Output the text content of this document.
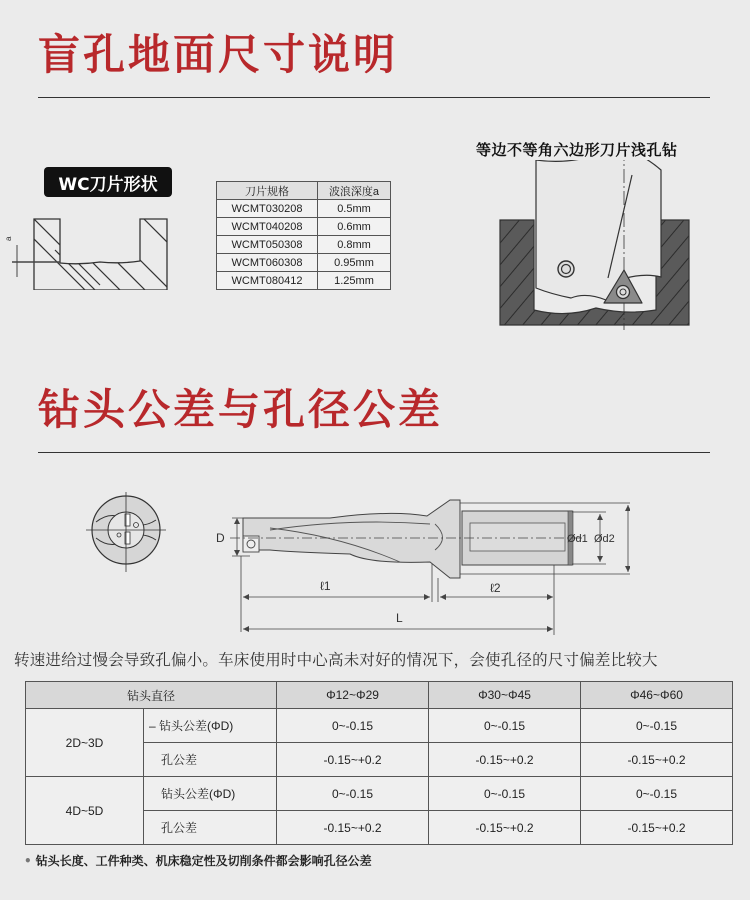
盲孔地面尺寸说明
WC刀片形状
a
刀片规格	波浪深度a
WCMT030208	0.5mm
WCMT040208	0.6mm
WCMT050308	0.8mm
WCMT060308	0.95mm
WCMT080412	1.25mm
等边不等角六边形刀片浅孔钻
钻头公差与孔径公差
D
ℓ1	ℓ2
L
Ød1 Ød2
转速进给过慢会导致孔偏小。车床使用时中心高未对好的情况下，会使孔径的尺寸偏差比较大
钻头直径		Φ12~Φ29	Φ30~Φ45	Φ46~Φ60
2D~3D	– 钻头公差(ΦD)	0~-0.15	0~-0.15	0~-0.15
	孔公差	-0.15~+0.2	-0.15~+0.2	-0.15~+0.2
4D~5D	钻头公差(ΦD)	0~-0.15	0~-0.15	0~-0.15
	孔公差	-0.15~+0.2	-0.15~+0.2	-0.15~+0.2
• 钻头长度、工件种类、机床稳定性及切削条件都会影响孔径公差
